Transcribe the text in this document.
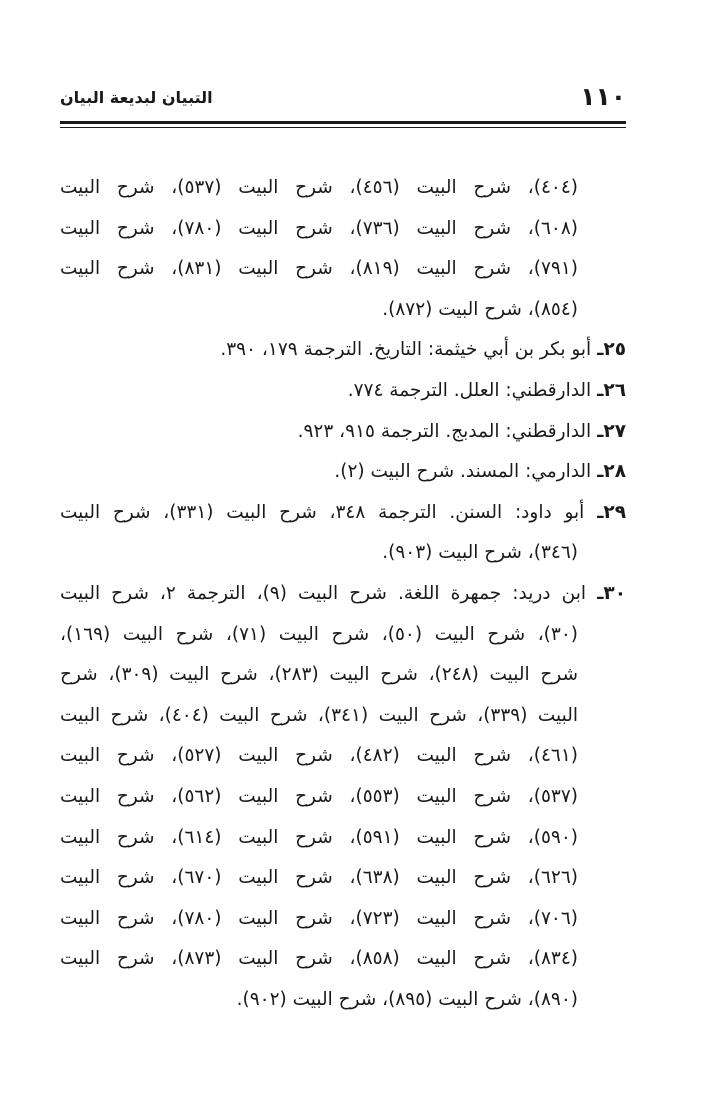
١١٠
التبيان لبديعة البيان
(٤٠٤)، شرح البيت (٤٥٦)، شرح البيت (٥٣٧)، شرح البيت
(٦٠٨)، شرح البيت (٧٣٦)، شرح البيت (٧٨٠)، شرح البيت
(٧٩١)، شرح البيت (٨١٩)، شرح البيت (٨٣١)، شرح البيت
(٨٥٤)، شرح البيت (٨٧٢).
٢٥ـ أبو بكر بن أبي خيثمة: التاريخ. الترجمة ١٧٩، ٣٩٠.
٢٦ـ الدارقطني: العلل. الترجمة ٧٧٤.
٢٧ـ الدارقطني: المدبج. الترجمة ٩١٥، ٩٢٣.
٢٨ـ الدارمي: المسند. شرح البيت (٢).
٢٩ـ أبو داود: السنن. الترجمة ٣٤٨، شرح البيت (٣٣١)، شرح البيت
(٣٤٦)، شرح البيت (٩٠٣).
٣٠ـ ابن دريد: جمهرة اللغة. شرح البيت (٩)، الترجمة ٢، شرح البيت
(٣٠)، شرح البيت (٥٠)، شرح البيت (٧١)، شرح البيت (١٦٩)،
شرح البيت (٢٤٨)، شرح البيت (٢٨٣)، شرح البيت (٣٠٩)، شرح
البيت (٣٣٩)، شرح البيت (٣٤١)، شرح البيت (٤٠٤)، شرح البيت
(٤٦١)، شرح البيت (٤٨٢)، شرح البيت (٥٢٧)، شرح البيت
(٥٣٧)، شرح البيت (٥٥٣)، شرح البيت (٥٦٢)، شرح البيت
(٥٩٠)، شرح البيت (٥٩١)، شرح البيت (٦١٤)، شرح البيت
(٦٢٦)، شرح البيت (٦٣٨)، شرح البيت (٦٧٠)، شرح البيت
(٧٠٦)، شرح البيت (٧٢٣)، شرح البيت (٧٨٠)، شرح البيت
(٨٣٤)، شرح البيت (٨٥٨)، شرح البيت (٨٧٣)، شرح البيت
(٨٩٠)، شرح البيت (٨٩٥)، شرح البيت (٩٠٢).
